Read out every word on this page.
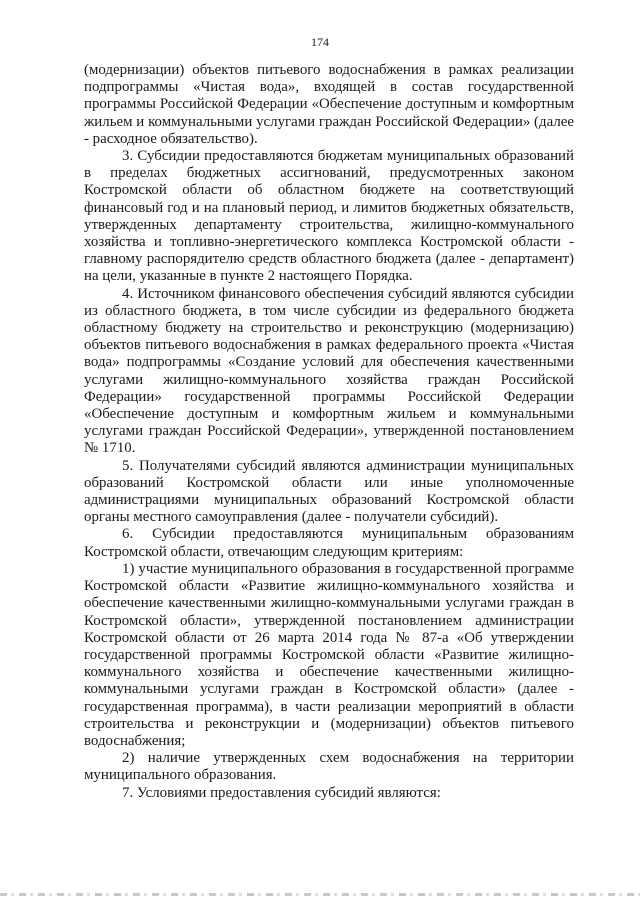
174

(модернизации) объектов питьевого водоснабжения в рамках реализации подпрограммы «Чистая вода», входящей в состав государственной программы Российской Федерации «Обеспечение доступным и комфортным жильем и коммунальными услугами граждан Российской Федерации» (далее - расходное обязательство).

3. Субсидии предоставляются бюджетам муниципальных образований в пределах бюджетных ассигнований, предусмотренных законом Костромской области об областном бюджете на соответствующий финансовый год и на плановый период, и лимитов бюджетных обязательств, утвержденных департаменту строительства, жилищно-коммунального хозяйства и топливно-энергетического комплекса Костромской области - главному распорядителю средств областного бюджета (далее - департамент) на цели, указанные в пункте 2 настоящего Порядка.

4. Источником финансового обеспечения субсидий являются субсидии из областного бюджета, в том числе субсидии из федерального бюджета областному бюджету на строительство и реконструкцию (модернизацию) объектов питьевого водоснабжения в рамках федерального проекта «Чистая вода» подпрограммы «Создание условий для обеспечения качественными услугами жилищно-коммунального хозяйства граждан Российской Федерации» государственной программы Российской Федерации «Обеспечение доступным и комфортным жильем и коммунальными услугами граждан Российской Федерации», утвержденной постановлением № 1710.

5. Получателями субсидий являются администрации муниципальных образований Костромской области или иные уполномоченные администрациями муниципальных образований Костромской области органы местного самоуправления (далее - получатели субсидий).

6. Субсидии предоставляются муниципальным образованиям Костромской области, отвечающим следующим критериям:

1) участие муниципального образования в государственной программе Костромской области «Развитие жилищно-коммунального хозяйства и обеспечение качественными жилищно-коммунальными услугами граждан в Костромской области», утвержденной постановлением администрации Костромской области от 26 марта 2014 года № 87-а «Об утверждении государственной программы Костромской области «Развитие жилищно-коммунального хозяйства и обеспечение качественными жилищно-коммунальными услугами граждан в Костромской области» (далее - государственная программа), в части реализации мероприятий в области строительства и реконструкции и (модернизации) объектов питьевого водоснабжения;

2) наличие утвержденных схем водоснабжения на территории муниципального образования.

7. Условиями предоставления субсидий являются:
